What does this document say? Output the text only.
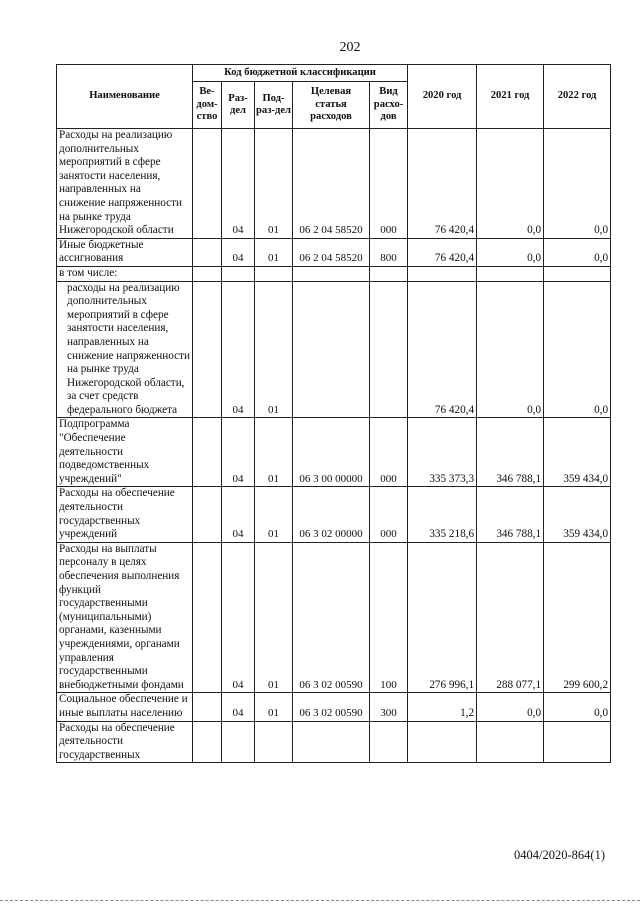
202
Наименование	Код бюджетной классификации					2020 год	2021 год	2022 год
	Ве-дом-ство	Раз-дел	Под-раз-дел	Целевая статья расходов	Вид расхо-дов			
Расходы на реализацию дополнительных мероприятий в сфере занятости населения, направленных на снижение напряженности на рынке труда Нижегородской области		04	01	06 2 04 58520	000	76 420,4	0,0	0,0
Иные бюджетные ассигнования		04	01	06 2 04 58520	800	76 420,4	0,0	0,0
в том числе:								
расходы на реализацию дополнительных мероприятий в сфере занятости населения, направленных на снижение напряженности на рынке труда Нижегородской области, за счет средств федерального бюджета		04	01			76 420,4	0,0	0,0
Подпрограмма "Обеспечение деятельности подведомственных учреждений"		04	01	06 3 00 00000	000	335 373,3	346 788,1	359 434,0
Расходы на обеспечение деятельности государственных учреждений		04	01	06 3 02 00000	000	335 218,6	346 788,1	359 434,0
Расходы на выплаты персоналу в целях обеспечения выполнения функций государственными (муниципальными) органами, казенными учреждениями, органами управления государственными внебюджетными фондами		04	01	06 3 02 00590	100	276 996,1	288 077,1	299 600,2
Социальное обеспечение и иные выплаты населению		04	01	06 3 02 00590	300	1,2	0,0	0,0
Расходы на обеспечение деятельности государственных								
0404/2020-864(1)
